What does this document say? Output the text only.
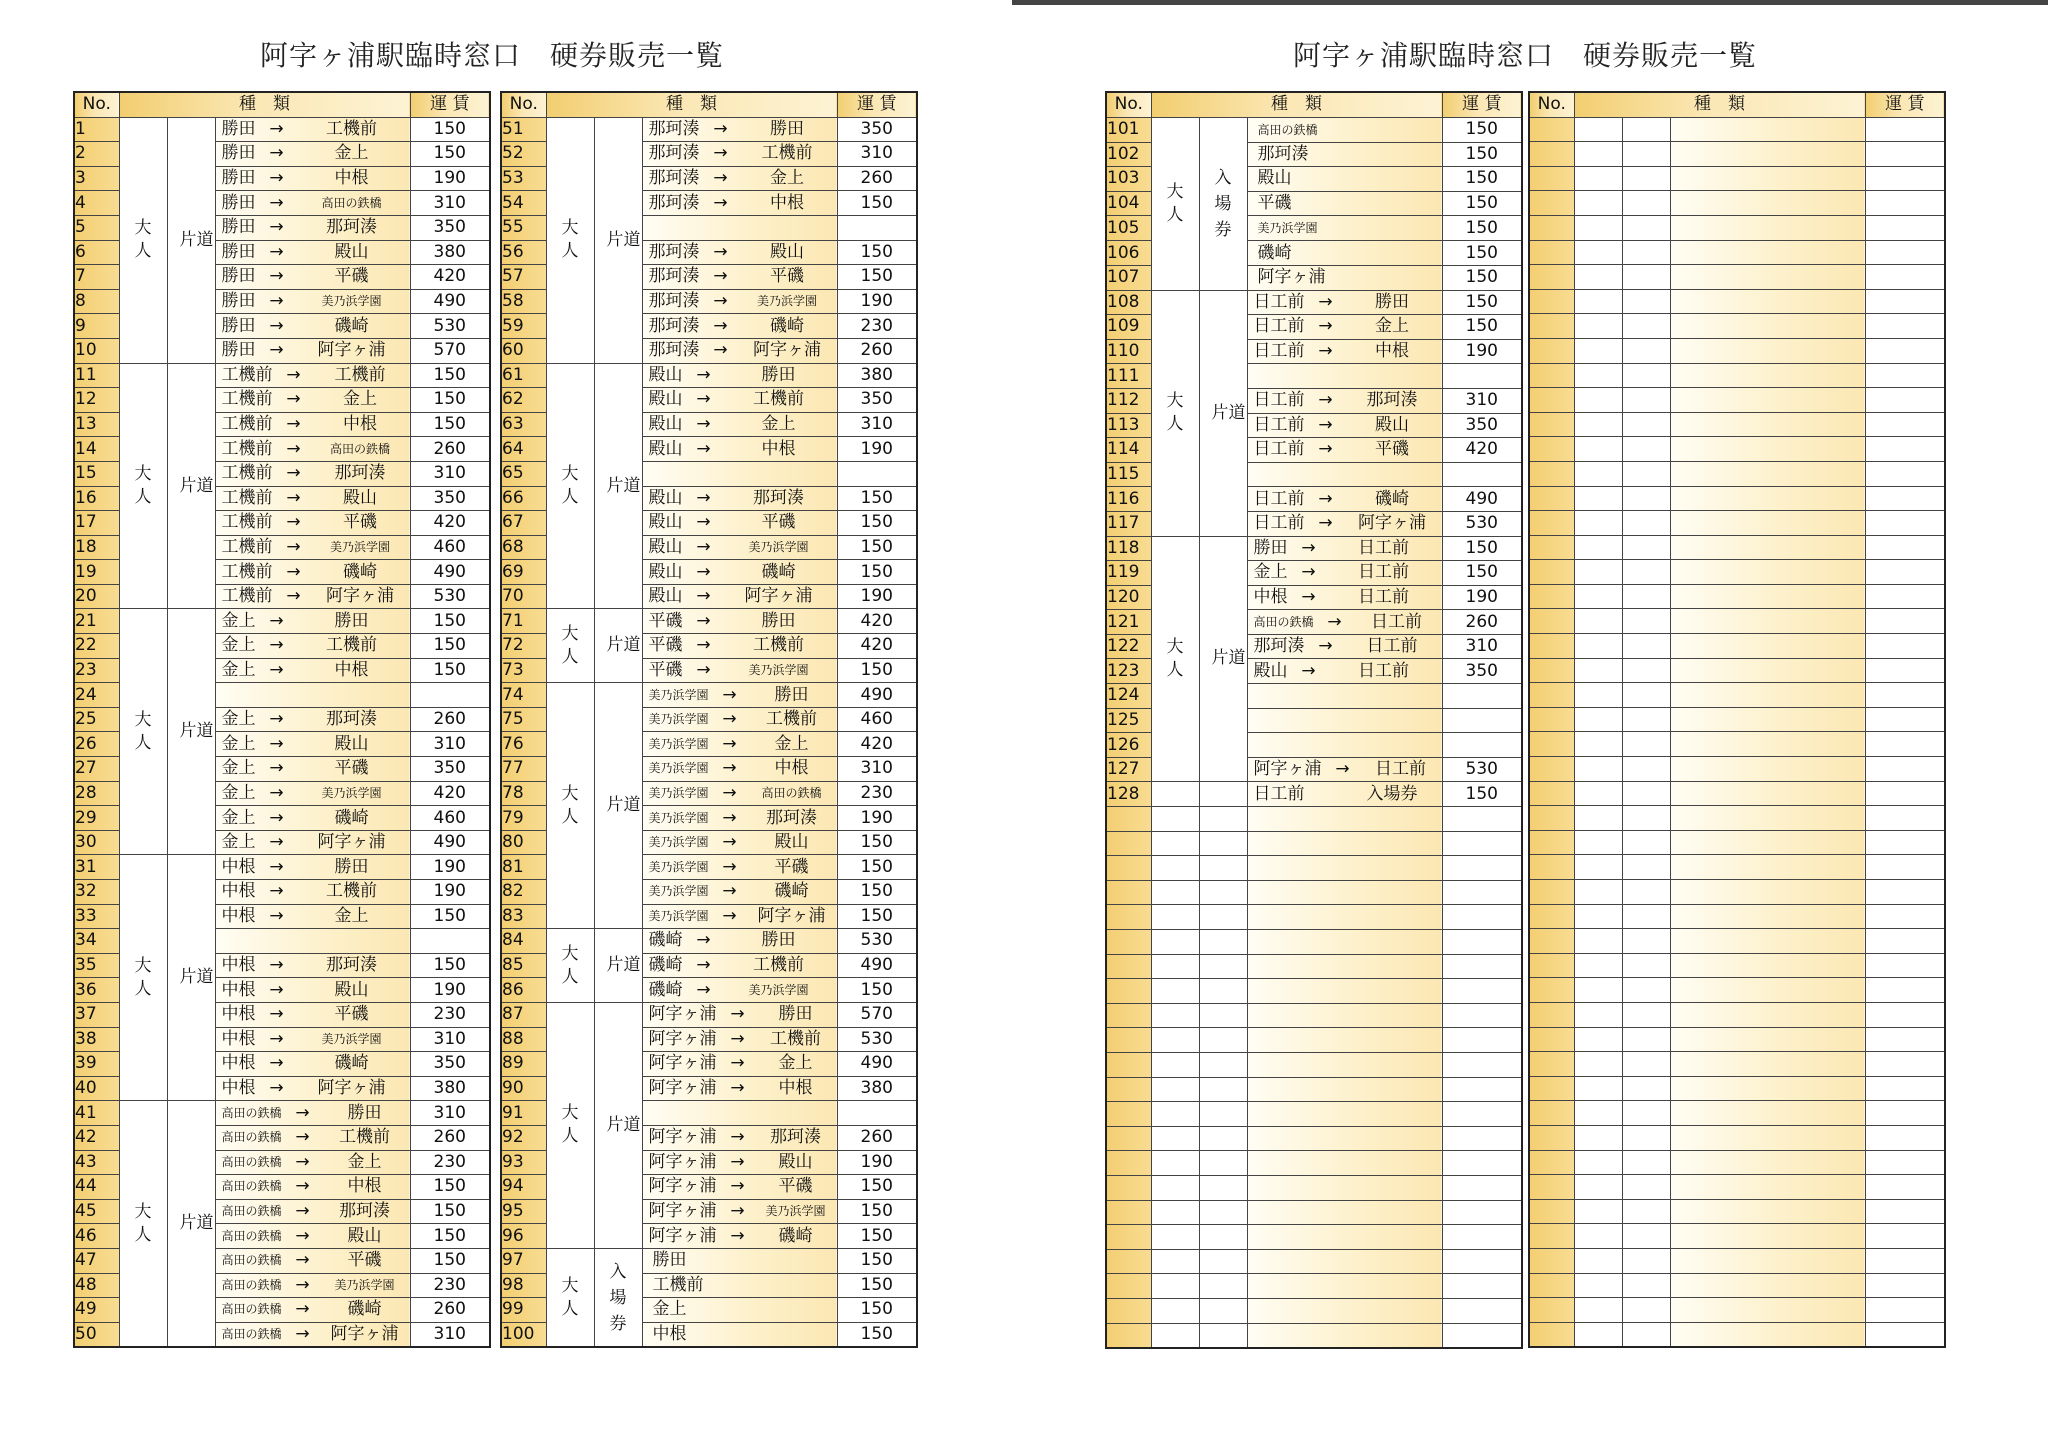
阿字ヶ浦駅臨時窓口　硬券販売一覧	阿字ヶ浦駅臨時窓口　硬券販売一覧
No.	種　類			運 賃
1	大人	片道	勝田 → 工機前	150
2			勝田 → 金上	150
3			勝田 → 中根	190
4			勝田 → 高田の鉄橋	310
5			勝田 → 那珂湊	350
6			勝田 → 殿山	380
7			勝田 → 平磯	420
8			勝田 → 美乃浜学園	490
9			勝田 → 磯崎	530
10			勝田 → 阿字ヶ浦	570
11	大人	片道	工機前 → 工機前	150
12			工機前 → 金上	150
13			工機前 → 中根	150
14			工機前 → 高田の鉄橋	260
15			工機前 → 那珂湊	310
16			工機前 → 殿山	350
17			工機前 → 平磯	420
18			工機前 → 美乃浜学園	460
19			工機前 → 磯崎	490
20			工機前 → 阿字ヶ浦	530
21	大人	片道	金上 → 勝田	150
22			金上 → 工機前	150
23			金上 → 中根	150
24				
25			金上 → 那珂湊	260
26			金上 → 殿山	310
27			金上 → 平磯	350
28			金上 → 美乃浜学園	420
29			金上 → 磯崎	460
30			金上 → 阿字ヶ浦	490
31	大人	片道	中根 → 勝田	190
32			中根 → 工機前	190
33			中根 → 金上	150
34				
35			中根 → 那珂湊	150
36			中根 → 殿山	190
37			中根 → 平磯	230
38			中根 → 美乃浜学園	310
39			中根 → 磯崎	350
40			中根 → 阿字ヶ浦	380
41	大人	片道	高田の鉄橋 → 勝田	310
42			高田の鉄橋 → 工機前	260
43			高田の鉄橋 → 金上	230
44			高田の鉄橋 → 中根	150
45			高田の鉄橋 → 那珂湊	150
46			高田の鉄橋 → 殿山	150
47			高田の鉄橋 → 平磯	150
48			高田の鉄橋 → 美乃浜学園	230
49			高田の鉄橋 → 磯崎	260
50			高田の鉄橋 → 阿字ヶ浦	310
No.	種　類			運 賃
51	大人	片道	那珂湊 → 勝田	350
52			那珂湊 → 工機前	310
53			那珂湊 → 金上	260
54			那珂湊 → 中根	150
55				
56			那珂湊 → 殿山	150
57			那珂湊 → 平磯	150
58			那珂湊 → 美乃浜学園	190
59			那珂湊 → 磯崎	230
60			那珂湊 → 阿字ヶ浦	260
61	大人	片道	殿山 → 勝田	380
62			殿山 → 工機前	350
63			殿山 → 金上	310
64			殿山 → 中根	190
65				
66			殿山 → 那珂湊	150
67			殿山 → 平磯	150
68			殿山 → 美乃浜学園	150
69			殿山 → 磯崎	150
70			殿山 → 阿字ヶ浦	190
71	大人	片道	平磯 → 勝田	420
72			平磯 → 工機前	420
73			平磯 → 美乃浜学園	150
74	大人	片道	美乃浜学園 → 勝田	490
75			美乃浜学園 → 工機前	460
76			美乃浜学園 → 金上	420
77			美乃浜学園 → 中根	310
78			美乃浜学園 → 高田の鉄橋	230
79			美乃浜学園 → 那珂湊	190
80			美乃浜学園 → 殿山	150
81			美乃浜学園 → 平磯	150
82			美乃浜学園 → 磯崎	150
83			美乃浜学園 → 阿字ヶ浦	150
84	大人	片道	磯崎 → 勝田	530
85			磯崎 → 工機前	490
86			磯崎 → 美乃浜学園	150
87	大人	片道	阿字ヶ浦 → 勝田	570
88			阿字ヶ浦 → 工機前	530
89			阿字ヶ浦 → 金上	490
90			阿字ヶ浦 → 中根	380
91				
92			阿字ヶ浦 → 那珂湊	260
93			阿字ヶ浦 → 殿山	190
94			阿字ヶ浦 → 平磯	150
95			阿字ヶ浦 → 美乃浜学園	150
96			阿字ヶ浦 → 磯崎	150
97	大人	入場券	勝田	150
98			工機前	150
99			金上	150
100			中根	150
No.	種　類			運 賃
101	大人	入場券	高田の鉄橋	150
102			那珂湊	150
103			殿山	150
104			平磯	150
105			美乃浜学園	150
106			磯崎	150
107			阿字ヶ浦	150
108	大人	片道	日工前 → 勝田	150
109			日工前 → 金上	150
110			日工前 → 中根	190
111				
112			日工前 → 那珂湊	310
113			日工前 → 殿山	350
114			日工前 → 平磯	420
115				
116			日工前 → 磯崎	490
117			日工前 → 阿字ヶ浦	530
118	大人	片道	勝田 → 日工前	150
119			金上 → 日工前	150
120			中根 → 日工前	190
121			高田の鉄橋 → 日工前	260
122			那珂湊 → 日工前	310
123			殿山 → 日工前	350
124				
125				
126				
127			阿字ヶ浦 → 日工前	530
128			日工前 入場券	150

No.	種　類			運 賃
